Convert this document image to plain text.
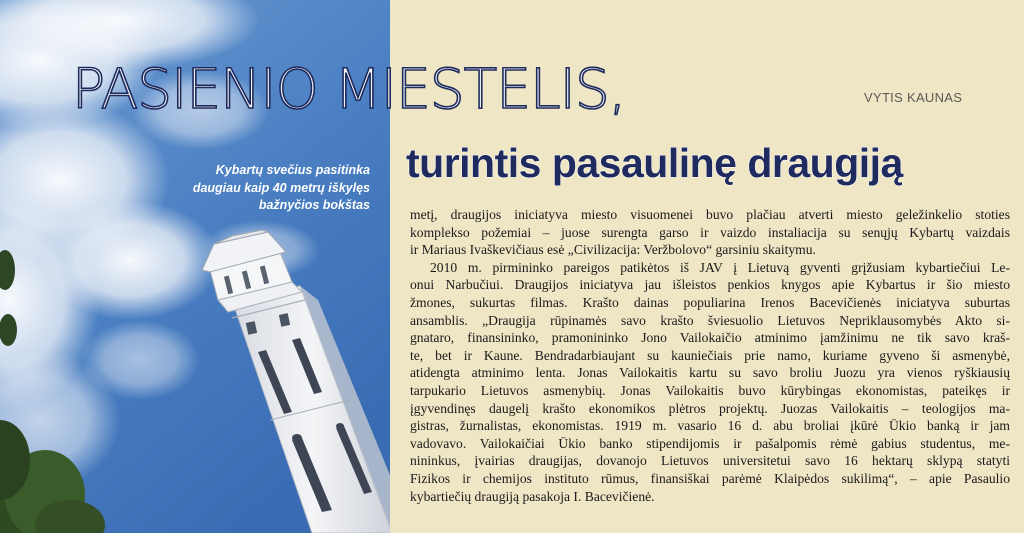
Kybartų svečius pasitinka
daugiau kaip 40 metrų iškylęs
bažnyčios bokštas
PASIENIO MIESTELIS,
turintis pasaulinę draugiją
VYTIS KAUNAS
metį, draugijos iniciatyva miesto visuomenei buvo plačiau atverti miesto geležinkelio stoties
komplekso požemiai – juose surengta garso ir vaizdo instaliacija su senųjų Kybartų vaizdais
ir Mariaus Ivaškevičiaus esė „Civilizacija: Veržbolovo“ garsiniu skaitymu.
2010 m. pirmininko pareigos patikėtos iš JAV į Lietuvą gyventi grįžusiam kybartiečiui Le-
onui Narbučiui. Draugijos iniciatyva jau išleistos penkios knygos apie Kybartus ir šio miesto
žmones, sukurtas filmas. Krašto dainas populiarina Irenos Bacevičienės iniciatyva suburtas
ansamblis. „Draugija rūpinamės savo krašto šviesuolio Lietuvos Nepriklausomybės Akto si-
gnataro, finansininko, pramonininko Jono Vailokaičio atminimo įamžinimu ne tik savo kraš-
te, bet ir Kaune. Bendradarbiaujant su kauniečiais prie namo, kuriame gyveno ši asmenybė,
atidengta atminimo lenta. Jonas Vailokaitis kartu su savo broliu Juozu yra vienos ryškiausių
tarpukario Lietuvos asmenybių. Jonas Vailokaitis buvo kūrybingas ekonomistas, pateikęs ir
įgyvendinęs daugelį krašto ekonomikos plėtros projektų. Juozas Vailokaitis – teologijos ma-
gistras, žurnalistas, ekonomistas. 1919 m. vasario 16 d. abu broliai įkūrė Ūkio banką ir jam
vadovavo. Vailokaičiai Ūkio banko stipendijomis ir pašalpomis rėmė gabius studentus, me-
nininkus, įvairias draugijas, dovanojo Lietuvos universitetui savo 16 hektarų sklypą statyti
Fizikos ir chemijos instituto rūmus, finansiškai parėmė Klaipėdos sukilimą“, – apie Pasaulio
kybartiečių draugiją pasakoja I. Bacevičienė.
